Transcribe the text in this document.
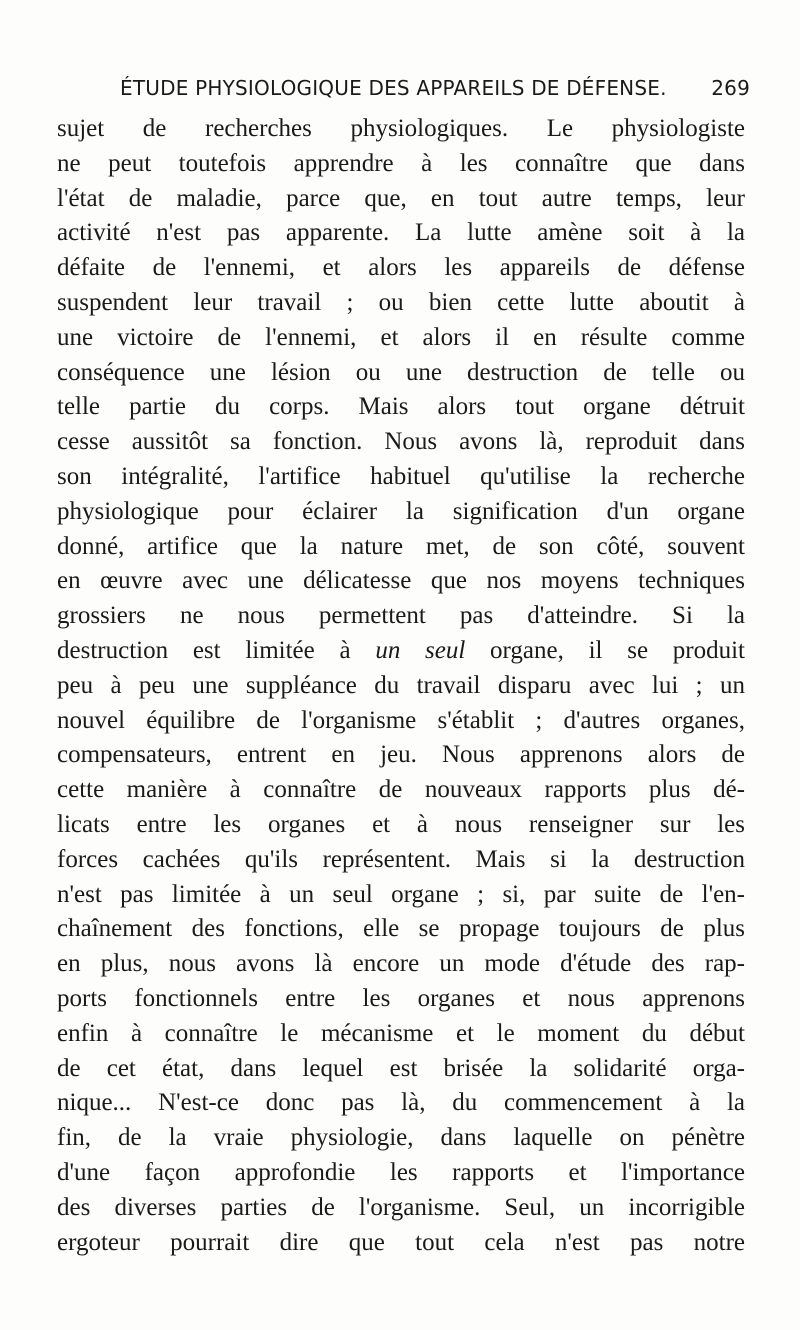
ÉTUDE PHYSIOLOGIQUE DES APPAREILS DE DÉFENSE. 269
sujet de recherches physiologiques. Le physiologiste
ne peut toutefois apprendre à les connaître que dans
l'état de maladie, parce que, en tout autre temps, leur
activité n'est pas apparente. La lutte amène soit à la
défaite de l'ennemi, et alors les appareils de défense
suspendent leur travail ; ou bien cette lutte aboutit à
une victoire de l'ennemi, et alors il en résulte comme
conséquence une lésion ou une destruction de telle ou
telle partie du corps. Mais alors tout organe détruit
cesse aussitôt sa fonction. Nous avons là, reproduit dans
son intégralité, l'artifice habituel qu'utilise la recherche
physiologique pour éclairer la signification d'un organe
donné, artifice que la nature met, de son côté, souvent
en œuvre avec une délicatesse que nos moyens techniques
grossiers ne nous permettent pas d'atteindre. Si la
destruction est limitée à un seul organe, il se produit
peu à peu une suppléance du travail disparu avec lui ; un
nouvel équilibre de l'organisme s'établit ; d'autres organes,
compensateurs, entrent en jeu. Nous apprenons alors de
cette manière à connaître de nouveaux rapports plus dé-
licats entre les organes et à nous renseigner sur les
forces cachées qu'ils représentent. Mais si la destruction
n'est pas limitée à un seul organe ; si, par suite de l'en-
chaînement des fonctions, elle se propage toujours de plus
en plus, nous avons là encore un mode d'étude des rap-
ports fonctionnels entre les organes et nous apprenons
enfin à connaître le mécanisme et le moment du début
de cet état, dans lequel est brisée la solidarité orga-
nique... N'est-ce donc pas là, du commencement à la
fin, de la vraie physiologie, dans laquelle on pénètre
d'une façon approfondie les rapports et l'importance
des diverses parties de l'organisme. Seul, un incorrigible
ergoteur pourrait dire que tout cela n'est pas notre
